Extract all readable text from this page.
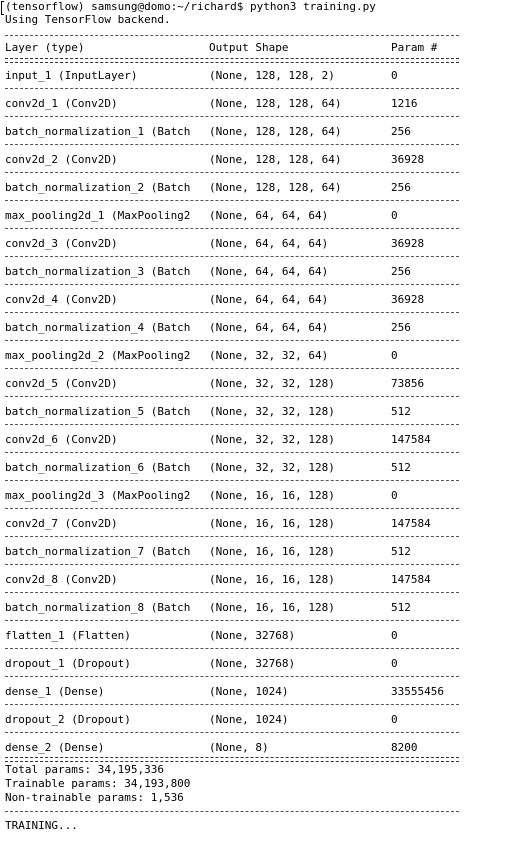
(tensorflow) samsung@domo:~/richard$ python3 training.py
Using TensorFlow backend.
Layer (type)	Output Shape	Param #
input_1 (InputLayer)	(None, 128, 128, 2)	0
conv2d_1 (Conv2D)	(None, 128, 128, 64)	1216
batch_normalization_1 (Batch	(None, 128, 128, 64)	256
conv2d_2 (Conv2D)	(None, 128, 128, 64)	36928
batch_normalization_2 (Batch	(None, 128, 128, 64)	256
max_pooling2d_1 (MaxPooling2	(None, 64, 64, 64)	0
conv2d_3 (Conv2D)	(None, 64, 64, 64)	36928
batch_normalization_3 (Batch	(None, 64, 64, 64)	256
conv2d_4 (Conv2D)	(None, 64, 64, 64)	36928
batch_normalization_4 (Batch	(None, 64, 64, 64)	256
max_pooling2d_2 (MaxPooling2	(None, 32, 32, 64)	0
conv2d_5 (Conv2D)	(None, 32, 32, 128)	73856
batch_normalization_5 (Batch	(None, 32, 32, 128)	512
conv2d_6 (Conv2D)	(None, 32, 32, 128)	147584
batch_normalization_6 (Batch	(None, 32, 32, 128)	512
max_pooling2d_3 (MaxPooling2	(None, 16, 16, 128)	0
conv2d_7 (Conv2D)	(None, 16, 16, 128)	147584
batch_normalization_7 (Batch	(None, 16, 16, 128)	512
conv2d_8 (Conv2D)	(None, 16, 16, 128)	147584
batch_normalization_8 (Batch	(None, 16, 16, 128)	512
flatten_1 (Flatten)	(None, 32768)	0
dropout_1 (Dropout)	(None, 32768)	0
dense_1 (Dense)	(None, 1024)	33555456
dropout_2 (Dropout)	(None, 1024)	0
dense_2 (Dense)	(None, 8)	8200
Total params: 34,195,336
Trainable params: 34,193,800
Non-trainable params: 1,536
TRAINING...
